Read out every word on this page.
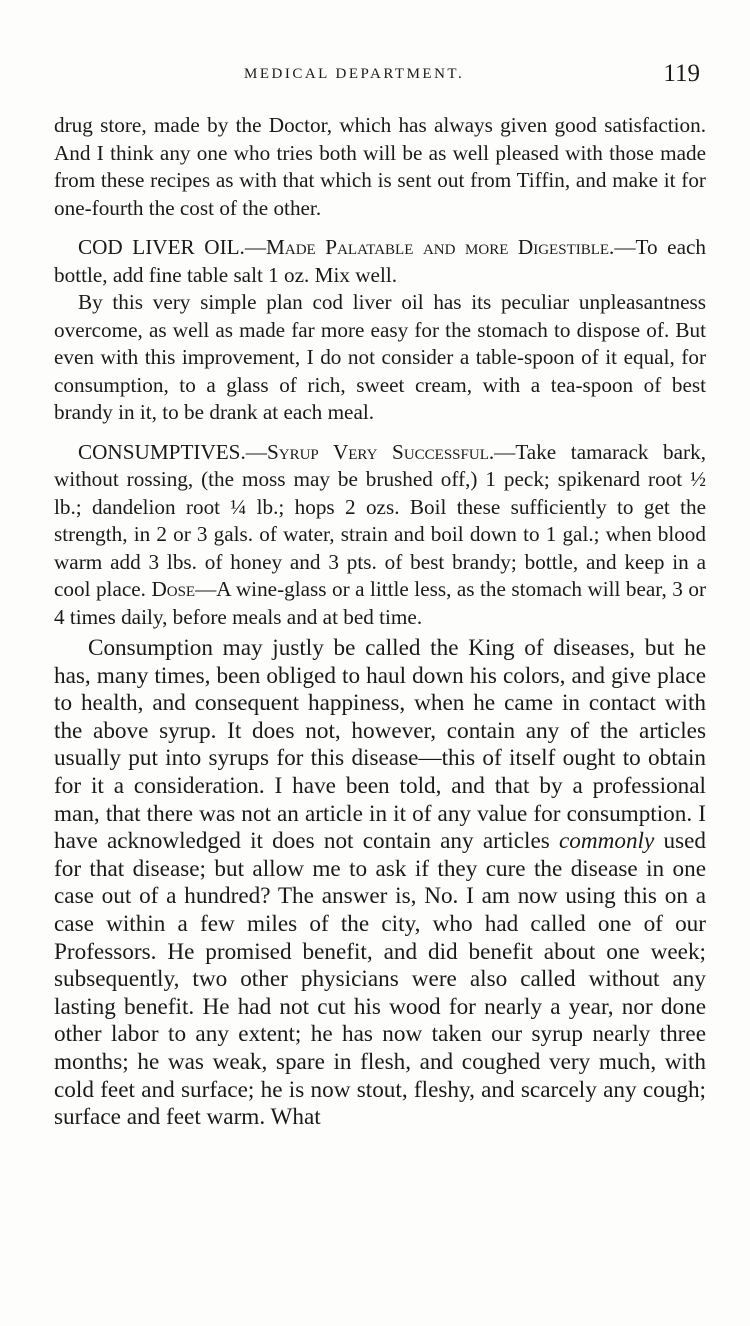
MEDICAL DEPARTMENT.	119

drug store, made by the Doctor, which has always given good satisfaction. And I think any one who tries both will be as well pleased with those made from these recipes as with that which is sent out from Tiffin, and make it for one-fourth the cost of the other.

COD LIVER OIL.—Made Palatable and more Digestible.—To each bottle, add fine table salt 1 oz. Mix well.

By this very simple plan cod liver oil has its peculiar unpleasantness overcome, as well as made far more easy for the stomach to dispose of. But even with this improvement, I do not consider a table-spoon of it equal, for consumption, to a glass of rich, sweet cream, with a tea-spoon of best brandy in it, to be drank at each meal.

CONSUMPTIVES.—Syrup Very Successful.—Take tamarack bark, without rossing, (the moss may be brushed off,) 1 peck; spikenard root ½ lb.; dandelion root ¼ lb.; hops 2 ozs. Boil these sufficiently to get the strength, in 2 or 3 gals. of water, strain and boil down to 1 gal.; when blood warm add 3 lbs. of honey and 3 pts. of best brandy; bottle, and keep in a cool place. Dose—A wine-glass or a little less, as the stomach will bear, 3 or 4 times daily, before meals and at bed time.

Consumption may justly be called the King of diseases, but he has, many times, been obliged to haul down his colors, and give place to health, and consequent happiness, when he came in contact with the above syrup. It does not, however, contain any of the articles usually put into syrups for this disease—this of itself ought to obtain for it a consideration. I have been told, and that by a professional man, that there was not an article in it of any value for consumption. I have acknowledged it does not contain any articles commonly used for that disease; but allow me to ask if they cure the disease in one case out of a hundred? The answer is, No. I am now using this on a case within a few miles of the city, who had called one of our Professors. He promised benefit, and did benefit about one week; subsequently, two other physicians were also called without any lasting benefit. He had not cut his wood for nearly a year, nor done other labor to any extent; he has now taken our syrup nearly three months; he was weak, spare in flesh, and coughed very much, with cold feet and surface; he is now stout, fleshy, and scarcely any cough; surface and feet warm. What
